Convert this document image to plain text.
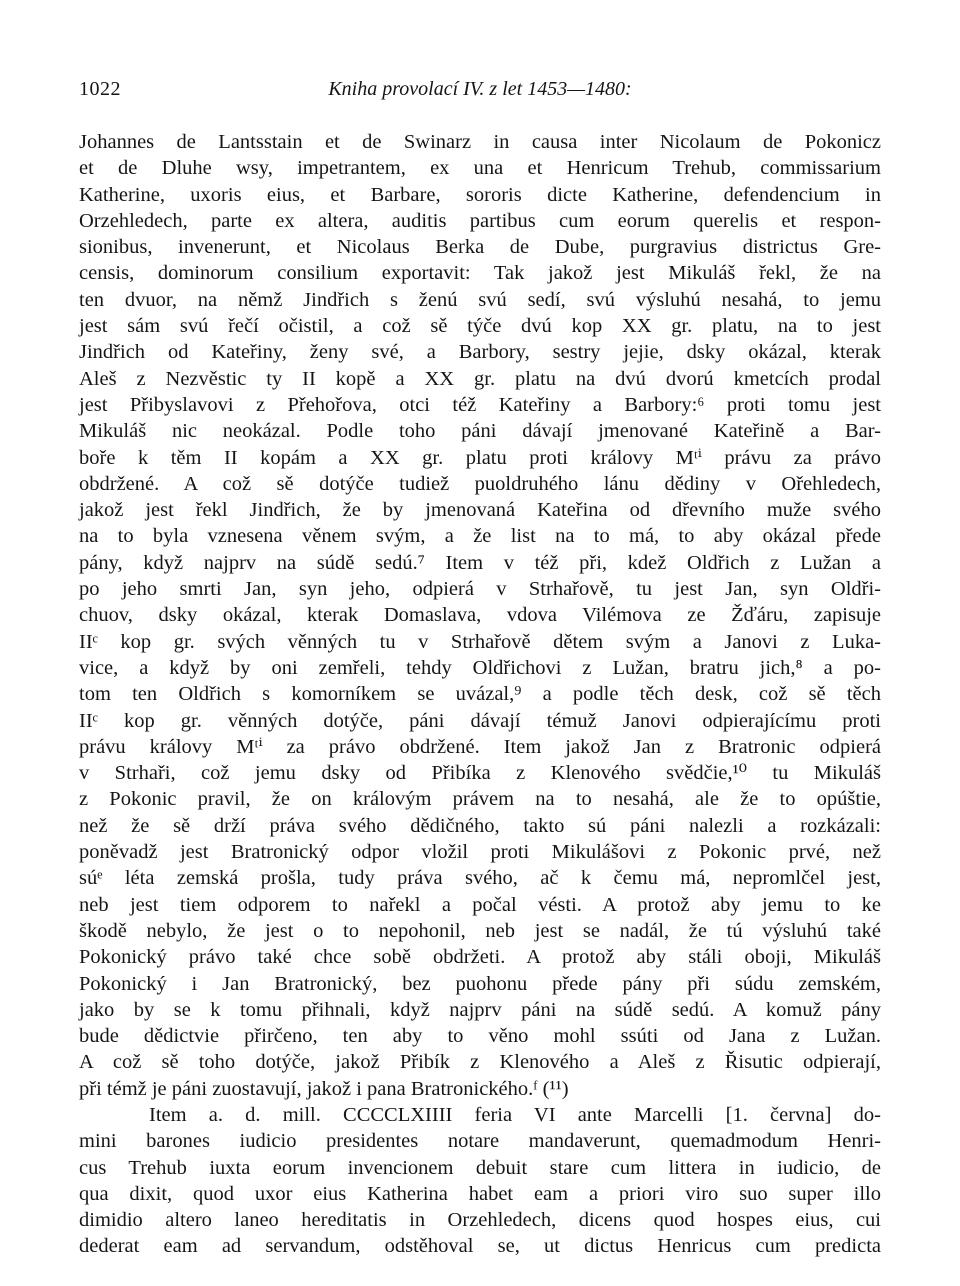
1022	Kniha provolací IV. z let 1453—1480:
Johannes de Lantsstain et de Swinarz in causa inter Nicolaum de Pokonicz
et de Dluhe wsy, impetrantem, ex una et Henricum Trehub, commissarium
Katherine, uxoris eius, et Barbare, sororis dicte Katherine, defendencium in
Orzehledech, parte ex altera, auditis partibus cum eorum querelis et respon-
sionibus, invenerunt, et Nicolaus Berka de Dube, purgravius districtus Gre-
censis, dominorum consilium exportavit: Tak jakož jest Mikuláš řekl, že na
ten dvuor, na němž Jindřich s ženú svú sedí, svú výsluhú nesahá, to jemu
jest sám svú řečí očistil, a což sě týče dvú kop XX gr. platu, na to jest
Jindřich od Kateřiny, ženy své, a Barbory, sestry jejie, dsky okázal, kterak
Aleš z Nezvěstic ty II kopě a XX gr. platu na dvú dvorú kmetcích prodal
jest Přibyslavovi z Přehořova, otci též Kateřiny a Barbory:⁶ proti tomu jest
Mikuláš nic neokázal. Podle toho páni dávají jmenované Kateřině a Bar-
boře k těm II kopám a XX gr. platu proti královy Mᵗⁱ právu za právo
obdržené. A což sě dotýče tudiež puoldruhého lánu dědiny v Ořehledech,
jakož jest řekl Jindřich, že by jmenovaná Kateřina od dřevního muže svého
na to byla vznesena věnem svým, a že list na to má, to aby okázal přede
pány, když najprv na súdě sedú.⁷ Item v též při, kdež Oldřich z Lužan a
po jeho smrti Jan, syn jeho, odpierá v Strhařově, tu jest Jan, syn Oldři-
chuov, dsky okázal, kterak Domaslava, vdova Vilémova ze Žďáru, zapisuje
IIᶜ kop gr. svých věnných tu v Strhařově dětem svým a Janovi z Luka-
vice, a když by oni zemřeli, tehdy Oldřichovi z Lužan, bratru jich,⁸ a po-
tom ten Oldřich s komorníkem se uvázal,⁹ a podle těch desk, což sě těch
IIᶜ kop gr. věnných dotýče, páni dávají témuž Janovi odpierajícímu proti
právu královy Mᵗⁱ za právo obdržené. Item jakož Jan z Bratronic odpierá
v Strhaři, což jemu dsky od Přibíka z Klenového svědčie,¹⁰ tu Mikuláš
z Pokonic pravil, že on královým právem na to nesahá, ale že to opúštie,
než že sě drží práva svého dědičného, takto sú páni nalezli a rozkázali:
poněvadž jest Bratronický odpor vložil proti Mikulášovi z Pokonic prvé, než
súᵉ léta zemská prošla, tudy práva svého, ač k čemu má, nepromlčel jest,
neb jest tiem odporem to nařekl a počal vésti. A protož aby jemu to ke
škodě nebylo, že jest o to nepohonil, neb jest se nadál, že tú výsluhú také
Pokonický právo také chce sobě obdržeti. A protož aby stáli oboji, Mikuláš
Pokonický i Jan Bratronický, bez puohonu přede pány při súdu zemském,
jako by se k tomu přihnali, když najprv páni na súdě sedú. A komuž pány
bude dědictvie přirčeno, ten aby to věno mohl ssúti od Jana z Lužan.
A což sě toho dotýče, jakož Přibík z Klenového a Aleš z Řisutic odpierají,
při témž je páni zuostavují, jakož i pana Bratronického.ᶠ (¹¹)
Item a. d. mill. CCCCLXIIII feria VI ante Marcelli [1. června] do-
mini barones iudicio presidentes notare mandaverunt, quemadmodum Henri-
cus Trehub iuxta eorum invencionem debuit stare cum littera in iudicio, de
qua dixit, quod uxor eius Katherina habet eam a priori viro suo super illo
dimidio altero laneo hereditatis in Orzehledech, dicens quod hospes eius, cui
dederat eam ad servandum, odstěhoval se, ut dictus Henricus cum predicta
